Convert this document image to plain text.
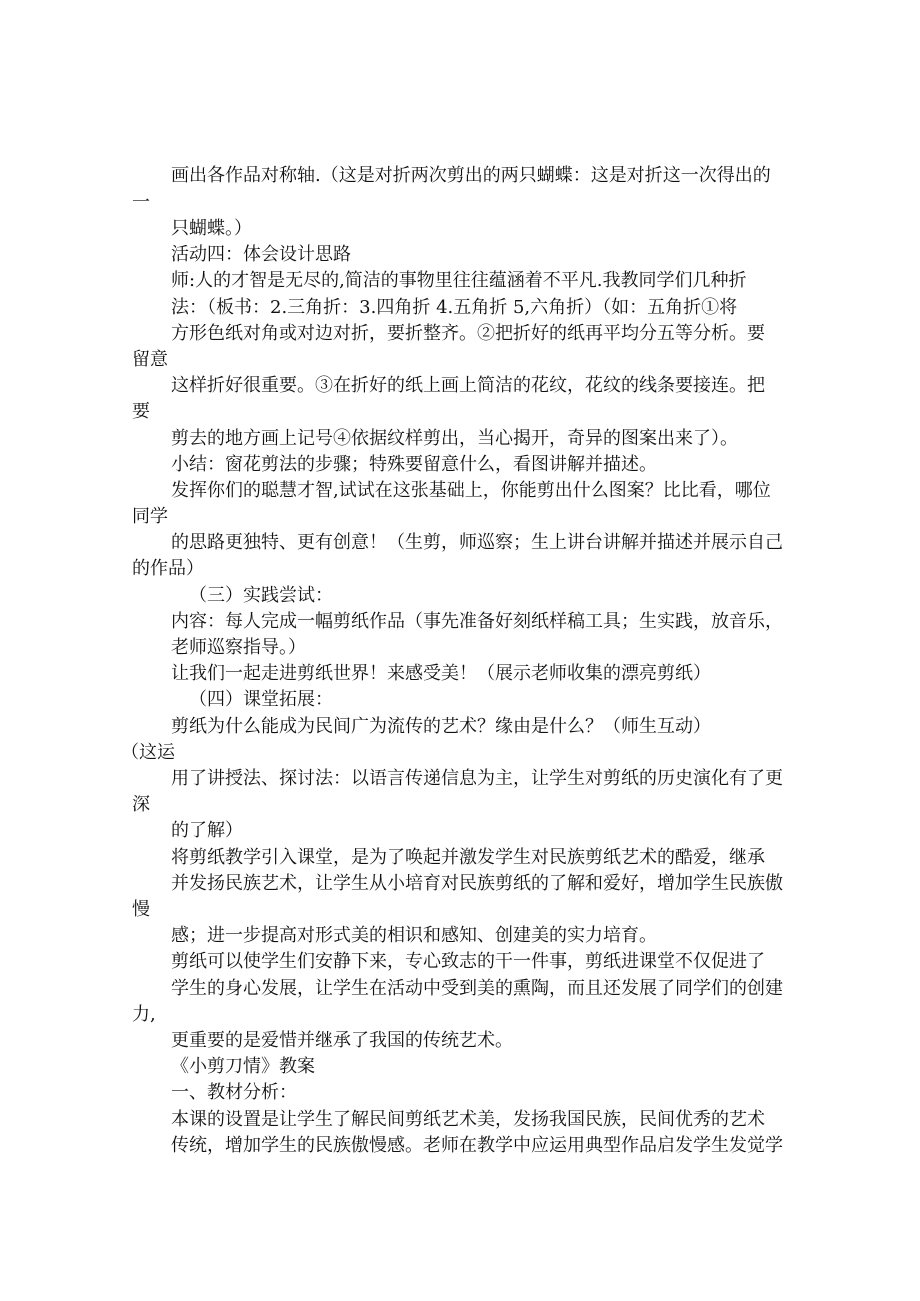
画出各作品对称轴.（这是对折两次剪出的两只蝴蝶：这是对折这一次得出的
一
只蝴蝶。）
活动四：体会设计思路
师:人的才智是无尽的,简洁的事物里往往蕴涵着不平凡.我教同学们几种折
法：（板书：2.三角折：3.四角折 4.五角折 5,六角折）（如：五角折①将
方形色纸对角或对边对折，要折整齐。②把折好的纸再平均分五等分析。要
留意
这样折好很重要。③在折好的纸上画上简洁的花纹，花纹的线条要接连。把
要
剪去的地方画上记号④依据纹样剪出，当心揭开，奇异的图案出来了）。
小结：窗花剪法的步骤；特殊要留意什么，看图讲解并描述。
发挥你们的聪慧才智,试试在这张基础上，你能剪出什么图案？比比看，哪位
同学
的思路更独特、更有创意！（生剪，师巡察；生上讲台讲解并描述并展示自己
的作品）
（三）实践尝试：
内容：每人完成一幅剪纸作品（事先准备好刻纸样稿工具；生实践，放音乐，
老师巡察指导。）
让我们一起走进剪纸世界！来感受美！（展示老师收集的漂亮剪纸）
（四）课堂拓展：
剪纸为什么能成为民间广为流传的艺术？缘由是什么？（师生互动）
（这运
用了讲授法、探讨法：以语言传递信息为主，让学生对剪纸的历史演化有了更
深
的了解）
将剪纸教学引入课堂，是为了唤起并激发学生对民族剪纸艺术的酷爱，继承
并发扬民族艺术，让学生从小培育对民族剪纸的了解和爱好，增加学生民族傲
慢
感；进一步提高对形式美的相识和感知、创建美的实力培育。
剪纸可以使学生们安静下来，专心致志的干一件事，剪纸进课堂不仅促进了
学生的身心发展，让学生在活动中受到美的熏陶，而且还发展了同学们的创建
力,
更重要的是爱惜并继承了我国的传统艺术。
《小剪刀情》教案
一、教材分析：
本课的设置是让学生了解民间剪纸艺术美，发扬我国民族，民间优秀的艺术
传统，增加学生的民族傲慢感。老师在教学中应运用典型作品启发学生发觉学
